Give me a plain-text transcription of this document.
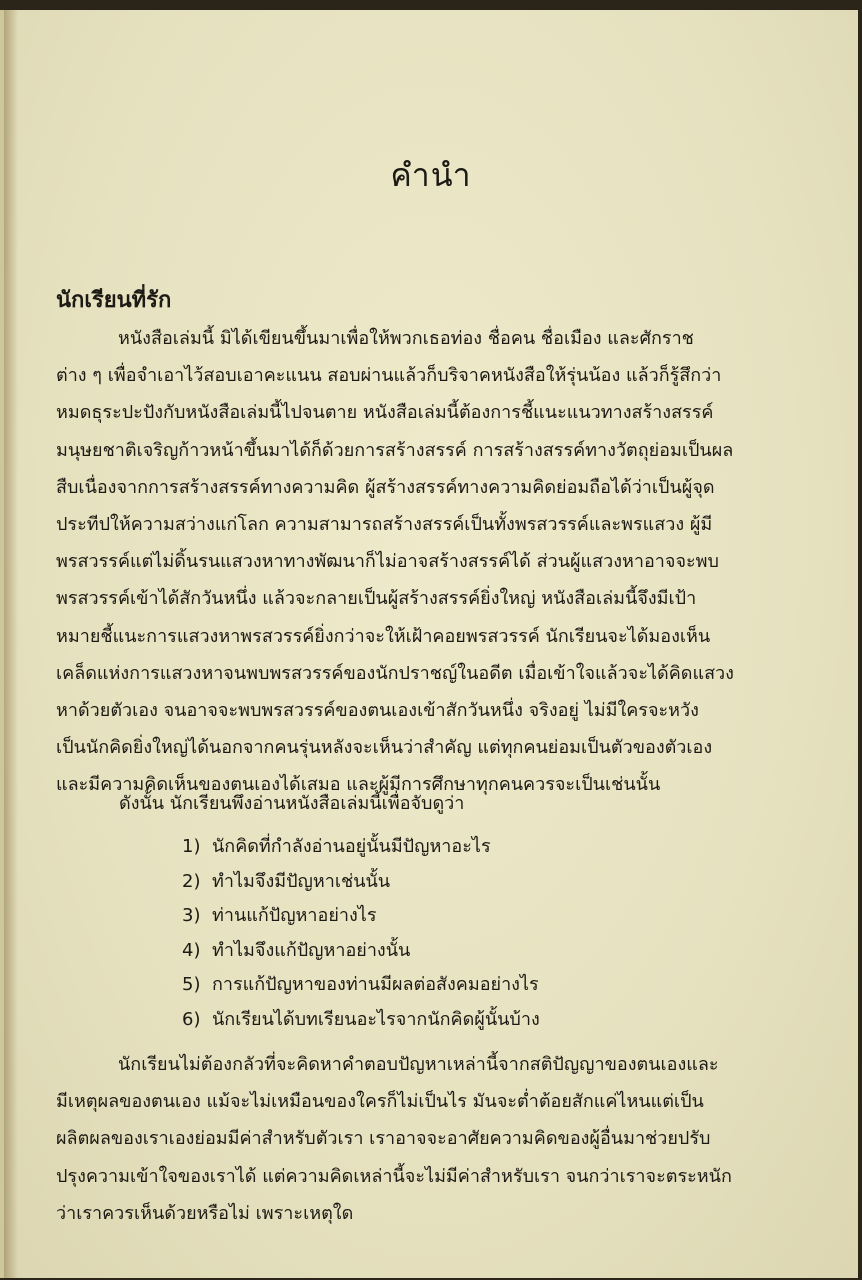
คำนำ
นักเรียนที่รัก
หนังสือเล่มนี้ มิได้เขียนขึ้นมาเพื่อให้พวกเธอท่อง ชื่อคน ชื่อเมือง และศักราช
ต่าง ๆ เพื่อจำเอาไว้สอบเอาคะแนน สอบผ่านแล้วก็บริจาคหนังสือให้รุ่นน้อง แล้วก็รู้สึกว่า
หมดธุระปะปังกับหนังสือเล่มนี้ไปจนตาย หนังสือเล่มนี้ต้องการชี้แนะแนวทางสร้างสรรค์
มนุษยชาติเจริญก้าวหน้าขึ้นมาได้ก็ด้วยการสร้างสรรค์ การสร้างสรรค์ทางวัตถุย่อมเป็นผล
สืบเนื่องจากการสร้างสรรค์ทางความคิด ผู้สร้างสรรค์ทางความคิดย่อมถือได้ว่าเป็นผู้จุด
ประทีปให้ความสว่างแก่โลก ความสามารถสร้างสรรค์เป็นทั้งพรสวรรค์และพรแสวง ผู้มี
พรสวรรค์แต่ไม่ดิ้นรนแสวงหาทางพัฒนาก็ไม่อาจสร้างสรรค์ได้ ส่วนผู้แสวงหาอาจจะพบ
พรสวรรค์เข้าได้สักวันหนึ่ง แล้วจะกลายเป็นผู้สร้างสรรค์ยิ่งใหญ่ หนังสือเล่มนี้จึงมีเป้า
หมายชี้แนะการแสวงหาพรสวรรค์ยิ่งกว่าจะให้เฝ้าคอยพรสวรรค์ นักเรียนจะได้มองเห็น
เคล็ดแห่งการแสวงหาจนพบพรสวรรค์ของนักปราชญ์ในอดีต เมื่อเข้าใจแล้วจะได้คิดแสวง
หาด้วยตัวเอง จนอาจจะพบพรสวรรค์ของตนเองเข้าสักวันหนึ่ง จริงอยู่ ไม่มีใครจะหวัง
เป็นนักคิดยิ่งใหญ่ได้นอกจากคนรุ่นหลังจะเห็นว่าสำคัญ แต่ทุกคนย่อมเป็นตัวของตัวเอง
และมีความคิดเห็นของตนเองได้เสมอ และผู้มีการศึกษาทุกคนควรจะเป็นเช่นนั้น
ดังนั้น นักเรียนพึงอ่านหนังสือเล่มนี้เพื่อจับดูว่า
1) นักคิดที่กำลังอ่านอยู่นั้นมีปัญหาอะไร
2) ทำไมจึงมีปัญหาเช่นนั้น
3) ท่านแก้ปัญหาอย่างไร
4) ทำไมจึงแก้ปัญหาอย่างนั้น
5) การแก้ปัญหาของท่านมีผลต่อสังคมอย่างไร
6) นักเรียนได้บทเรียนอะไรจากนักคิดผู้นั้นบ้าง
นักเรียนไม่ต้องกลัวที่จะคิดหาคำตอบปัญหาเหล่านี้จากสติปัญญาของตนเองและ
มีเหตุผลของตนเอง แม้จะไม่เหมือนของใครก็ไม่เป็นไร มันจะต่ำต้อยสักแค่ไหนแต่เป็น
ผลิตผลของเราเองย่อมมีค่าสำหรับตัวเรา เราอาจจะอาศัยความคิดของผู้อื่นมาช่วยปรับ
ปรุงความเข้าใจของเราได้ แต่ความคิดเหล่านี้จะไม่มีค่าสำหรับเรา จนกว่าเราจะตระหนัก
ว่าเราควรเห็นด้วยหรือไม่ เพราะเหตุใด
